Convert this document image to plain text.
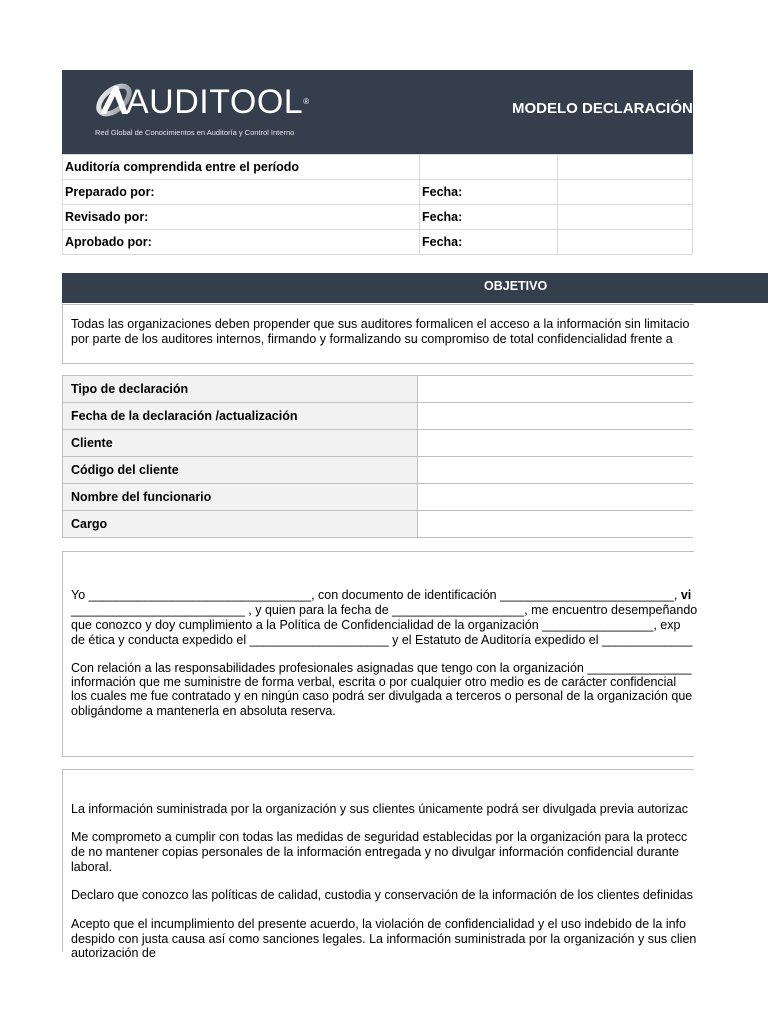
AUDITOOL®
Red Global de Conocimientos en Auditoría y Control Interno
MODELO DECLARACIÓN
Auditoría comprendida entre el período		
Preparado por:	Fecha:	
Revisado por:	Fecha:	
Aprobado por:	Fecha:	
OBJETIVO
Todas las organizaciones deben propender que sus auditores formalicen el acceso a la información sin limitacio
por parte de los auditores internos, firmando y formalizando su compromiso de total confidencialidad frente a
Tipo de declaración	
Fecha de la declaración /actualización	
Cliente	
Código del cliente	
Nombre del funcionario	
Cargo	
Yo ________________________________, con documento de identificación _________________________, vi
_________________________ , y quien para la fecha de ___________________, me encuentro desempeñando
que conozco y doy cumplimiento a la Política de Confidencialidad de la organización ________________, exp
de ética y conducta expedido el ____________________ y el Estatuto de Auditoría expedido el _____________
Con relación a las responsabilidades profesionales asignadas que tengo con la organización _______________
información que me suministre de forma verbal, escrita o por cualquier otro medio es de carácter confidencial
los cuales me fue contratado y en ningún caso podrá ser divulgada a terceros o personal de la organización que
obligándome a mantenerla en absoluta reserva.
La información suministrada por la organización y sus clientes únicamente podrá ser divulgada previa autorizac
Me comprometo a cumplir con todas las medidas de seguridad establecidas por la organización para la protecc
de no mantener copias personales de la información entregada y no divulgar información confidencial durante
laboral.
Declaro que conozco las políticas de calidad, custodia y conservación de la información de los clientes definidas
Acepto que el incumplimiento del presente acuerdo, la violación de confidencialidad y el uso indebido de la info
despido con justa causa así como sanciones legales. La información suministrada por la organización y sus clien
autorización de
